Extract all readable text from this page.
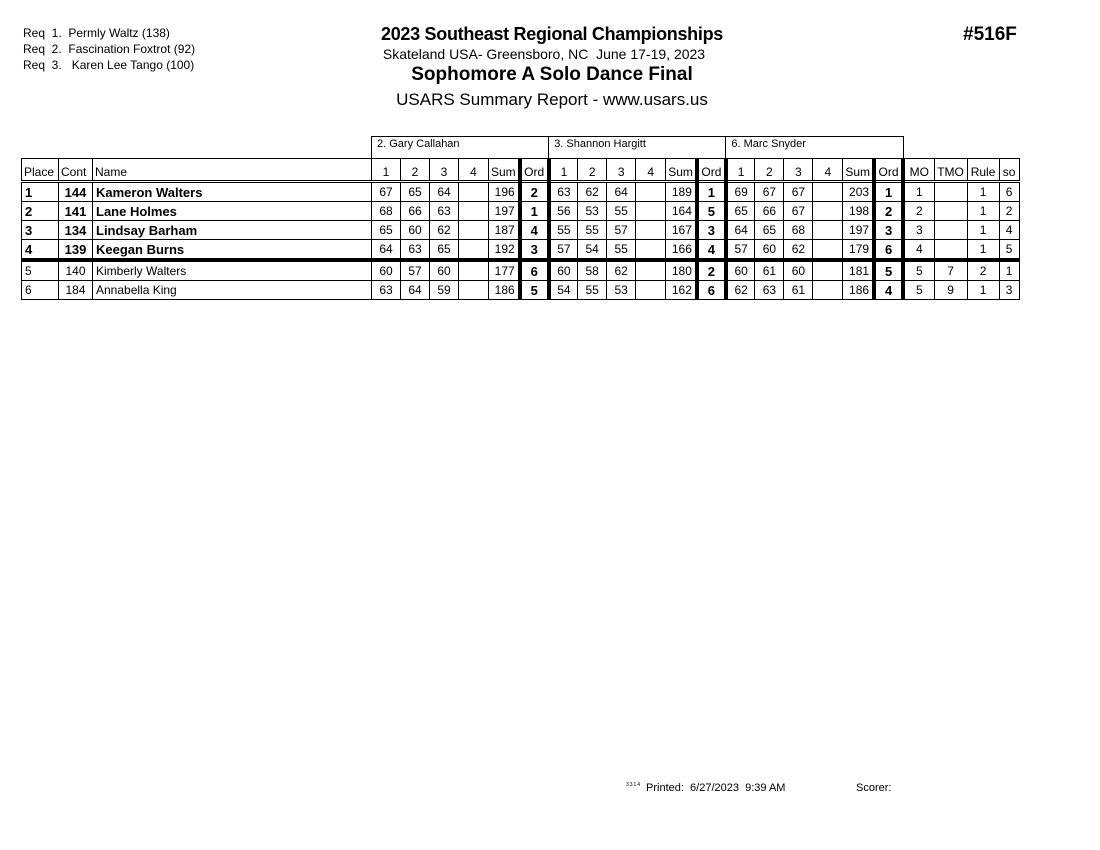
Req  1.  Permly Waltz (138)
Req  2.  Fascination Foxtrot (92)
Req  3.   Karen Lee Tango (100)
2023 Southeast Regional Championships
Skateland USA- Greensboro, NC  June 17-19, 2023
Sophomore A Solo Dance Final
USARS Summary Report - www.usars.us
#516F
			2. Gary Callahan						3. Shannon Hargitt						6. Marc Snyder									
Place	Cont	Name	1	2	3	4	Sum	Ord	1	2	3	4	Sum	Ord	1	2	3	4	Sum	Ord	MO	TMO	Rule	so
1	144	Kameron Walters	67	65	64		196	2	63	62	64		189	1	69	67	67		203	1	1		1	6
2	141	Lane Holmes	68	66	63		197	1	56	53	55		164	5	65	66	67		198	2	2		1	2
3	134	Lindsay Barham	65	60	62		187	4	55	55	57		167	3	64	65	68		197	3	3		1	4
4	139	Keegan Burns	64	63	65		192	3	57	54	55		166	4	57	60	62		179	6	4		1	5
5	140	Kimberly Walters	60	57	60		177	6	60	58	62		180	2	60	61	60		181	5	5	7	2	1
6	184	Annabella King	63	64	59		186	5	54	55	53		162	6	62	63	61		186	4	5	9	1	3
$^{3.3.1.4}$ Printed:  6/27/2023  9:39 AM	Scorer:
